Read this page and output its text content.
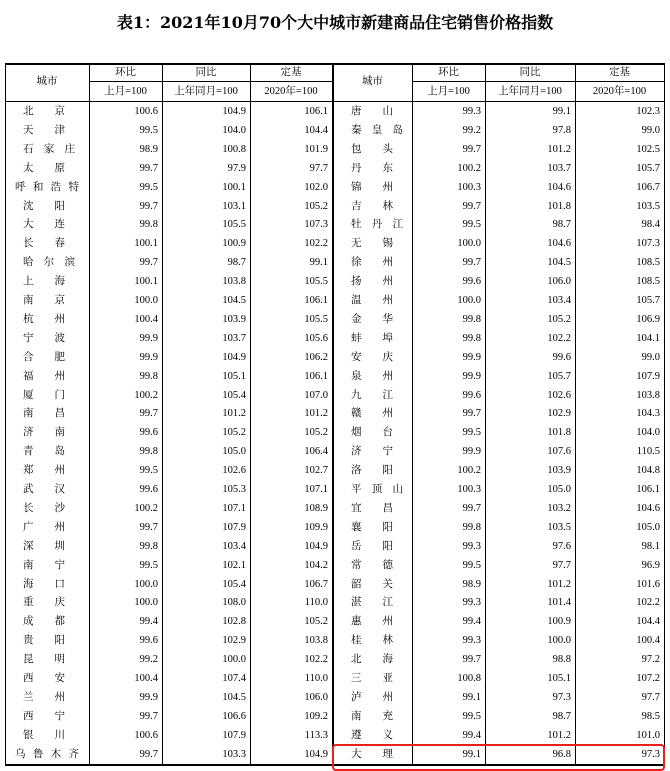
表1：2021年10月70个大中城市新建商品住宅销售价格指数
城市
环比	同比	定基
上月=100	上年同月=100	2020年=100
北京	100.6	104.9	106.1
天津	99.5	104.0	104.4
石家庄	98.9	100.8	101.9
太原	99.7	97.9	97.7
呼和浩特	99.5	100.1	102.0
沈阳	99.7	103.1	105.2
大连	99.8	105.5	107.3
长春	100.1	100.9	102.2
哈尔滨	99.7	98.7	99.1
上海	100.1	103.8	105.5
南京	100.0	104.5	106.1
杭州	100.4	103.9	105.5
宁波	99.9	103.7	105.6
合肥	99.9	104.9	106.2
福州	99.8	105.1	106.1
厦门	100.2	105.4	107.0
南昌	99.7	101.2	101.2
济南	99.6	105.2	105.2
青岛	99.8	105.0	106.4
郑州	99.5	102.6	102.7
武汉	99.6	105.3	107.1
长沙	100.2	107.1	108.9
广州	99.7	107.9	109.9
深圳	99.8	103.4	104.9
南宁	99.5	102.1	104.2
海口	100.0	105.4	106.7
重庆	100.0	108.0	110.0
成都	99.4	102.8	105.2
贵阳	99.6	102.9	103.8
昆明	99.2	100.0	102.2
西安	100.4	107.4	110.0
兰州	99.9	104.5	106.0
西宁	99.7	106.6	109.2
银川	100.6	107.9	113.3
乌鲁木齐	99.7	103.3	104.9
城市
环比	同比	定基
上月=100	上年同月=100	2020年=100
唐山	99.3	99.1	102.3
秦皇岛	99.2	97.8	99.0
包头	99.7	101.2	102.5
丹东	100.2	103.7	105.7
锦州	100.3	104.6	106.7
吉林	99.7	101.8	103.5
牡丹江	99.5	98.7	98.4
无锡	100.0	104.6	107.3
徐州	99.7	104.5	108.5
扬州	99.6	106.0	108.5
温州	100.0	103.4	105.7
金华	99.8	105.2	106.9
蚌埠	99.8	102.2	104.1
安庆	99.9	99.6	99.0
泉州	99.9	105.7	107.9
九江	99.6	102.6	103.8
赣州	99.7	102.9	104.3
烟台	99.5	101.8	104.0
济宁	99.9	107.6	110.5
洛阳	100.2	103.9	104.8
平顶山	100.3	105.0	106.1
宜昌	99.7	103.2	104.6
襄阳	99.8	103.5	105.0
岳阳	99.3	97.6	98.1
常德	99.5	97.7	96.9
韶关	98.9	101.2	101.6
湛江	99.3	101.4	102.2
惠州	99.4	100.9	104.4
桂林	99.3	100.0	100.4
北海	99.7	98.8	97.2
三亚	100.8	105.1	107.2
泸州	99.1	97.3	97.7
南充	99.5	98.7	98.5
遵义	99.4	101.2	101.0
大理	99.1	96.8	97.3
